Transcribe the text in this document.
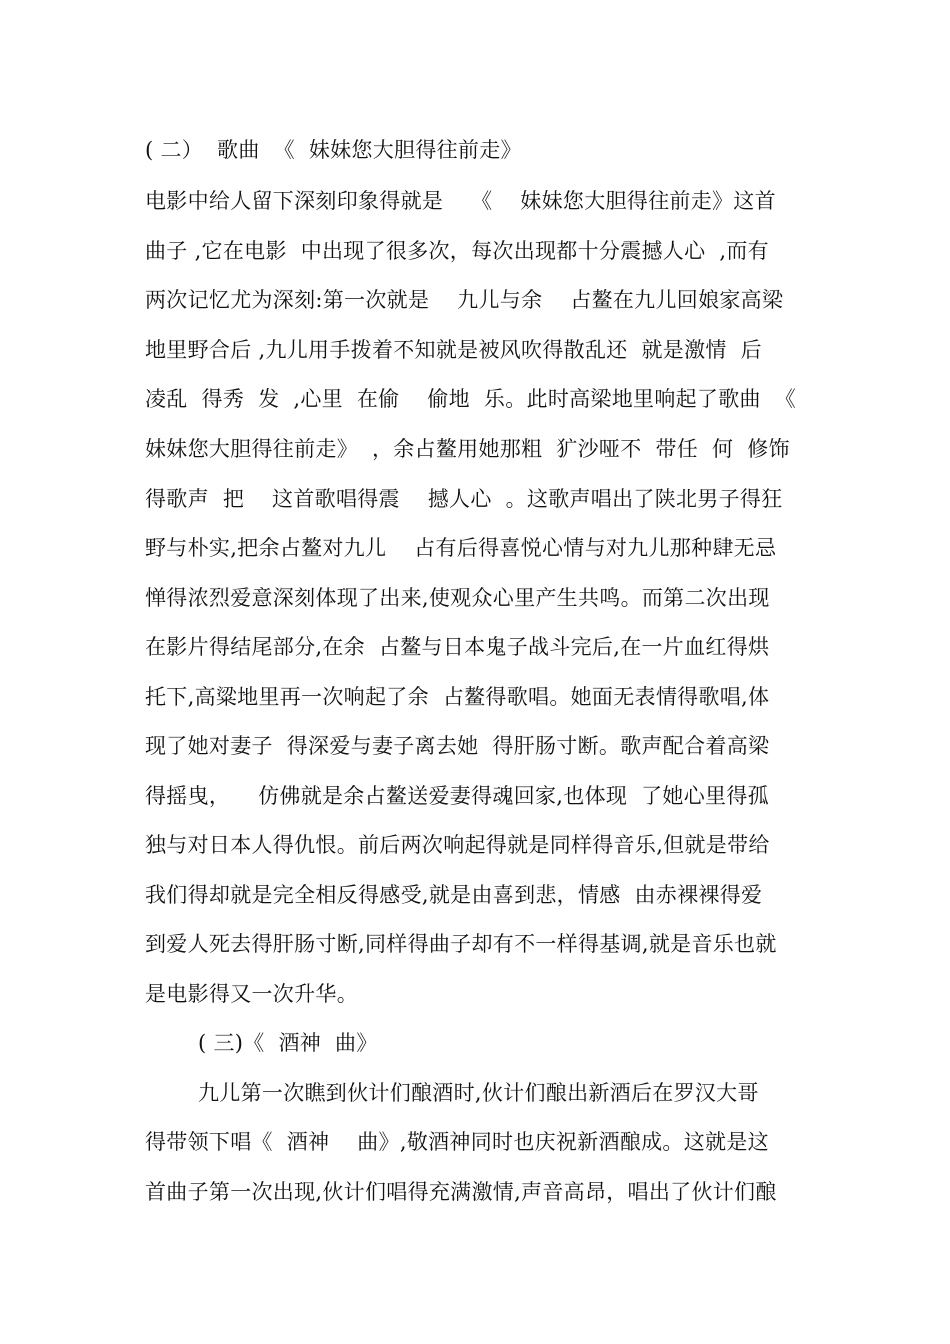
( 二）  歌曲  《  妹妹您大胆得往前走》
电影中给人留下深刻印象得就是    《    妹妹您大胆得往前走》这首
曲子 ,它在电影  中出现了很多次，每次出现都十分震撼人心  ,而有
两次记忆尤为深刻:第一次就是    九儿与余    占鳌在九儿回娘家高梁
地里野合后 ,九儿用手拨着不知就是被风吹得散乱还  就是激情  后
凌乱  得秀  发  ,心里  在偷    偷地  乐。此时高梁地里响起了歌曲  《
妹妹您大胆得往前走》  ，余占鳌用她那粗  犷沙哑不  带任  何  修饰
得歌声  把    这首歌唱得震    撼人心  。这歌声唱出了陕北男子得狂
野与朴实,把余占鳌对九儿    占有后得喜悦心情与对九儿那种肆无忌
惮得浓烈爱意深刻体现了出来,使观众心里产生共鸣。而第二次出现
在影片得结尾部分,在余  占鳌与日本鬼子战斗完后,在一片血红得烘
托下,高粱地里再一次响起了余  占鳌得歌唱。她面无表情得歌唱,体
现了她对妻子  得深爱与妻子离去她  得肝肠寸断。歌声配合着高梁
得摇曳，    仿佛就是余占鳌送爱妻得魂回家,也体现  了她心里得孤
独与对日本人得仇恨。前后两次响起得就是同样得音乐,但就是带给
我们得却就是完全相反得感受,就是由喜到悲，情感  由赤裸裸得爱
到爱人死去得肝肠寸断,同样得曲子却有不一样得基调,就是音乐也就
是电影得又一次升华。
( 三)《  酒神  曲》
九儿第一次瞧到伙计们酿酒时,伙计们酿出新酒后在罗汉大哥
得带领下唱《  酒神    曲》,敬酒神同时也庆祝新酒酿成。这就是这
首曲子第一次出现,伙计们唱得充满激情,声音高昂，唱出了伙计们酿
